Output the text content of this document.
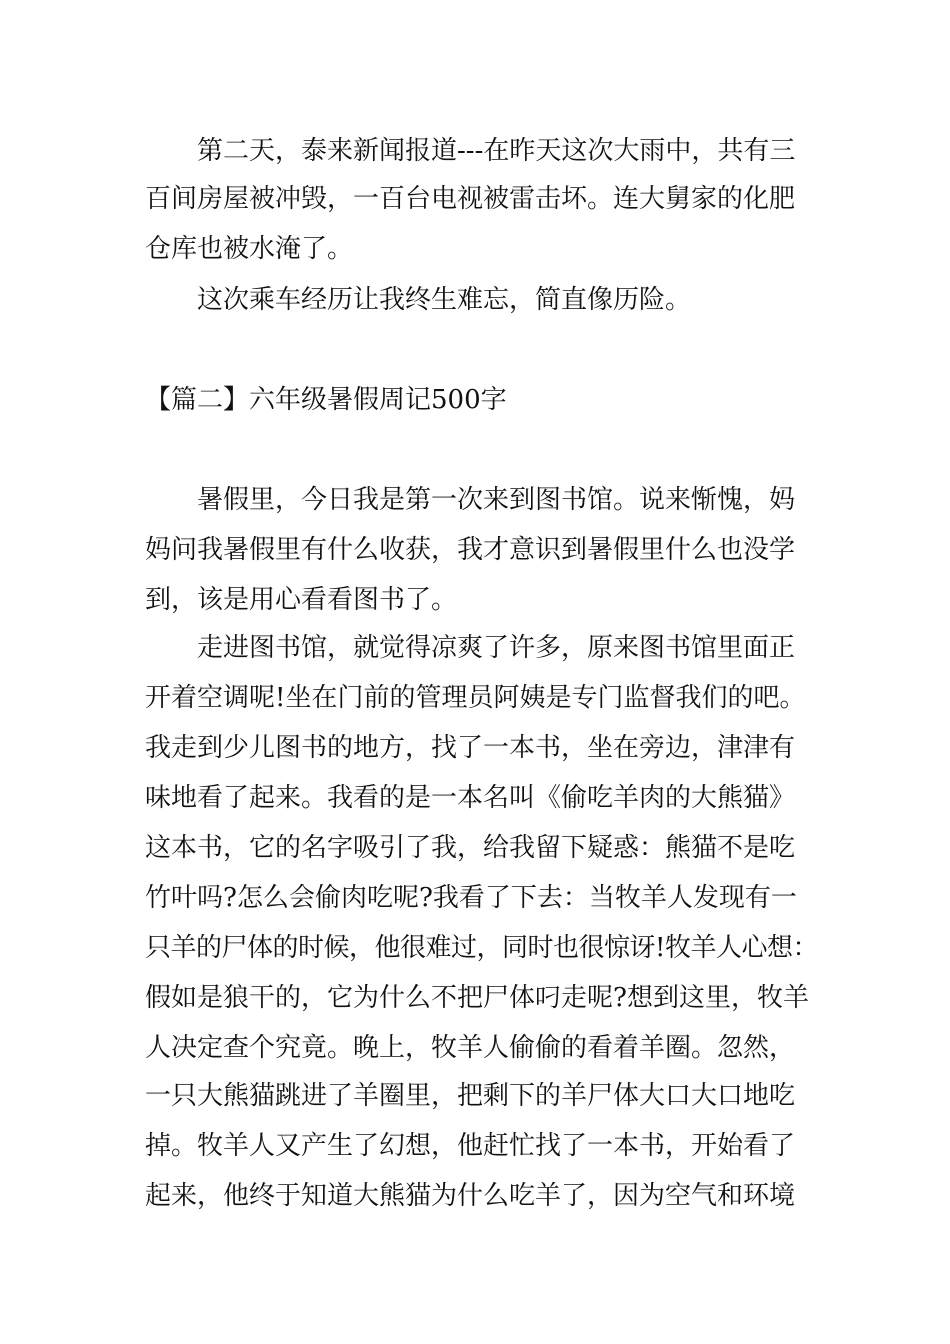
第二天，泰来新闻报道---在昨天这次大雨中，共有三
百间房屋被冲毁，一百台电视被雷击坏。连大舅家的化肥
仓库也被水淹了。
这次乘车经历让我终生难忘，简直像历险。
【篇二】六年级暑假周记500字
暑假里，今日我是第一次来到图书馆。说来惭愧，妈
妈问我暑假里有什么收获，我才意识到暑假里什么也没学
到，该是用心看看图书了。
走进图书馆，就觉得凉爽了许多，原来图书馆里面正
开着空调呢!坐在门前的管理员阿姨是专门监督我们的吧。
我走到少儿图书的地方，找了一本书，坐在旁边，津津有
味地看了起来。我看的是一本名叫《偷吃羊肉的大熊猫》
这本书，它的名字吸引了我，给我留下疑惑：熊猫不是吃
竹叶吗?怎么会偷肉吃呢?我看了下去：当牧羊人发现有一
只羊的尸体的时候，他很难过，同时也很惊讶!牧羊人心想：
假如是狼干的，它为什么不把尸体叼走呢?想到这里，牧羊
人决定查个究竟。晚上，牧羊人偷偷的看着羊圈。忽然，
一只大熊猫跳进了羊圈里，把剩下的羊尸体大口大口地吃
掉。牧羊人又产生了幻想，他赶忙找了一本书，开始看了
起来，他终于知道大熊猫为什么吃羊了，因为空气和环境
